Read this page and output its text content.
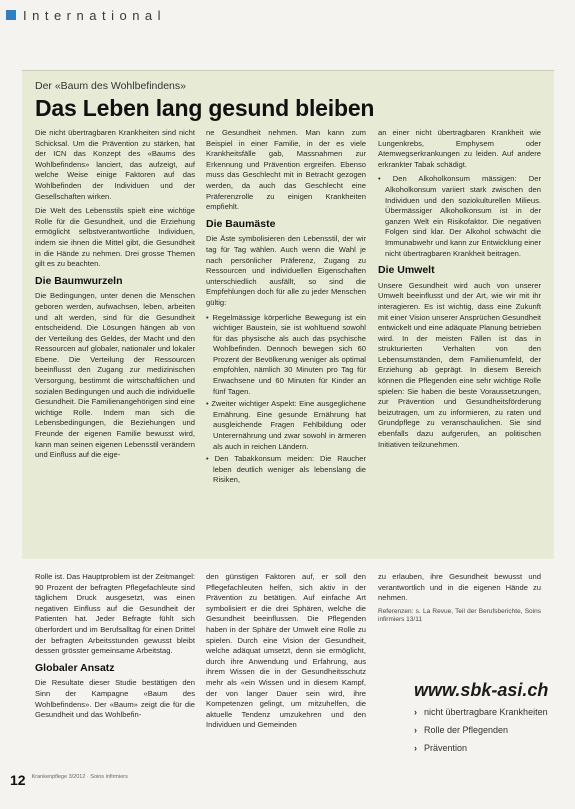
International
Der «Baum des Wohlbefindens»
Das Leben lang gesund bleiben

Die nicht übertragbaren Krankheiten sind nicht Schicksal. Um die Prävention zu stärken, hat der ICN das Konzept des «Baums des Wohlbefindens» lanciert, das aufzeigt, auf welche Weise einige Faktoren auf das Wohlbefinden der Individuen und der Gesellschaften wirken.

Die Welt des Lebensstils spielt eine wichtige Rolle für die Gesundheit, und die Erziehung ermöglicht selbstverantwortliche Individuen, indem sie ihnen die Mittel gibt, die Gesundheit in die Hände zu nehmen. Drei grosse Themen gilt es zu beachten.

Die Baumwurzeln

Die Bedingungen, unter denen die Menschen geboren werden, aufwachsen, leben, arbeiten und alt werden, sind für die Gesundheit entscheidend. Die Lösungen hängen ab von der Verteilung des Geldes, der Macht und den Ressourcen auf globaler, nationaler und lokaler Ebene. Die Verteilung der Ressourcen beeinflusst den Zugang zur medizinischen Versorgung, bestimmt die wirtschaftlichen und sozialen Bedingungen und auch die individuelle Gesundheit. Die Familienangehörigen sind eine wichtige Rolle. Indem man sich die Lebensbedingungen, die Beziehungen und Freunde der eigenen Familie bewusst wird, kann man seinen eigenen Lebensstil verändern und Einfluss auf die eige-

ne Gesundheit nehmen. Man kann zum Beispiel in einer Familie, in der es viele Krankheitsfälle gab, Massnahmen zur Erkennung und Prävention ergreifen. Ebenso muss das Geschlecht mit in Betracht gezogen werden, da auch das Geschlecht eine Präferenzrolle zu einigen Krankheiten empfiehlt.

Die Baumäste

Die Äste symbolisieren den Lebensstil, der wir tag für Tag wählen. Auch wenn die Wahl je nach persönlicher Präferenz, Zugang zu Ressourcen und individuellen Eigenschaften unterschiedlich ausfällt, so sind die Empfehlungen doch für alle zu jeder Menschen gültig:

• Regelmässige körperliche Bewegung ist ein wichtiger Baustein, sie ist wohltuend sowohl für das physische als auch das psychische Wohlbefinden. Dennoch bewegen sich 60 Prozent der Bevölkerung weniger als optimal empfohlen, nämlich 30 Minuten pro Tag für Erwachsene und 60 Minuten für Kinder an fünf Tagen.
• Zweiter wichtiger Aspekt: Eine ausgeglichene Ernährung. Eine gesunde Ernährung hat ausgleichende Fragen Fehlbildung oder Unterernährung und zwar sowohl in ärmeren als auch in reichen Ländern.
• Den Tabakkonsum meiden: Die Raucher leben deutlich weniger als lebenslang die Risiken,

an einer nicht übertragbaren Krankheit wie Lungenkrebs, Emphysem oder Atemwegserkrankungen zu leiden. Auf andere erkrankter Tabak schädigt.

• Den Alkoholkonsum mässigen: Der Alkoholkonsum variiert stark zwischen den Individuen und den soziokulturellen Milieus. Übermässiger Alkoholkonsum ist in der ganzen Welt ein Risikofaktor. Die negativen Folgen sind klar. Der Alkohol schwächt die Immunabwehr und kann zur Entwicklung einer nicht übertragbaren Krankheit beitragen.
Die Umwelt

Unsere Gesundheit wird auch von unserer Umwelt beeinflusst und der Art, wie wir mit ihr interagieren. Es ist wichtig, dass eine Zukunft mit einer Vision unserer Ansprüchen Gesundheit entwickelt und eine adäquate Planung betrieben wird. In der meisten Fällen ist das in strukturierten Verhalten von den Lebensumständen, dem Familienumfeld, der Erziehung ab geprägt. In diesem Bereich können die Pflegenden eine sehr wichtige Rolle spielen: Sie haben die beste Voraussetzungen, zur Prävention und Gesundheitsförderung beizutragen, um zu informieren, zu raten und Grundpflege zu veranschaulichen. Sie sind ebenfalls dazu aufgerufen, an politischen Initiativen teilzunehmen.

Rolle ist. Das Hauptproblem ist der Zeitmangel: 90 Prozent der befragten Pflegefachleute sind täglichem Druck ausgesetzt, was einen negativen Einfluss auf die Gesundheit der Patienten hat. Jeder Befragte fühlt sich überfordert und im Berufsalltag für einen Drittel der befragten Arbeitsstunden gewusst bleibt dessen grösster gemeinsame Arbeitstag.

Globaler Ansatz

Die Resultate dieser Studie bestätigen den Sinn der Kampagne «Baum des Wohlbefindens». Der «Baum» zeigt die für die Gesundheit und das Wohlbefin-

den günstigen Faktoren auf, er soll den Pflegefachleuten helfen, sich aktiv in der Prävention zu betätigen. Auf einfache Art symbolisiert er die drei Sphären, welche die Gesundheit beeinflussen. Die Pflegenden haben in der Sphäre der Umwelt eine Rolle zu spielen. Durch eine Vision der Gesundheit, welche adäquat umsetzt, denn sie ermöglicht, durch ihre Anwendung und Erfahrung, aus ihrem Wissen die in der Gesundheitsschutz mehr als «ein Wissen und in diesem Kampf, der von langer Dauer sein wird, ihre Kompetenzen gelingt, um mitzuhelfen, die aktuelle Tendenz umzukehren und den Individuen und Gemeinden

zu erlauben, ihre Gesundheit bewusst und verantwortlich und in die eigenen Hände zu nehmen.

Referenzen: s. La Revue, Teil der Berufsberichte, Soins infirmiers 13/11
www.sbk-asi.ch
› nicht übertragbare Krankheiten
› Rolle der Pflegenden
› Prävention
12 Krankenpflege 3/2012 · Soins infirmiers
